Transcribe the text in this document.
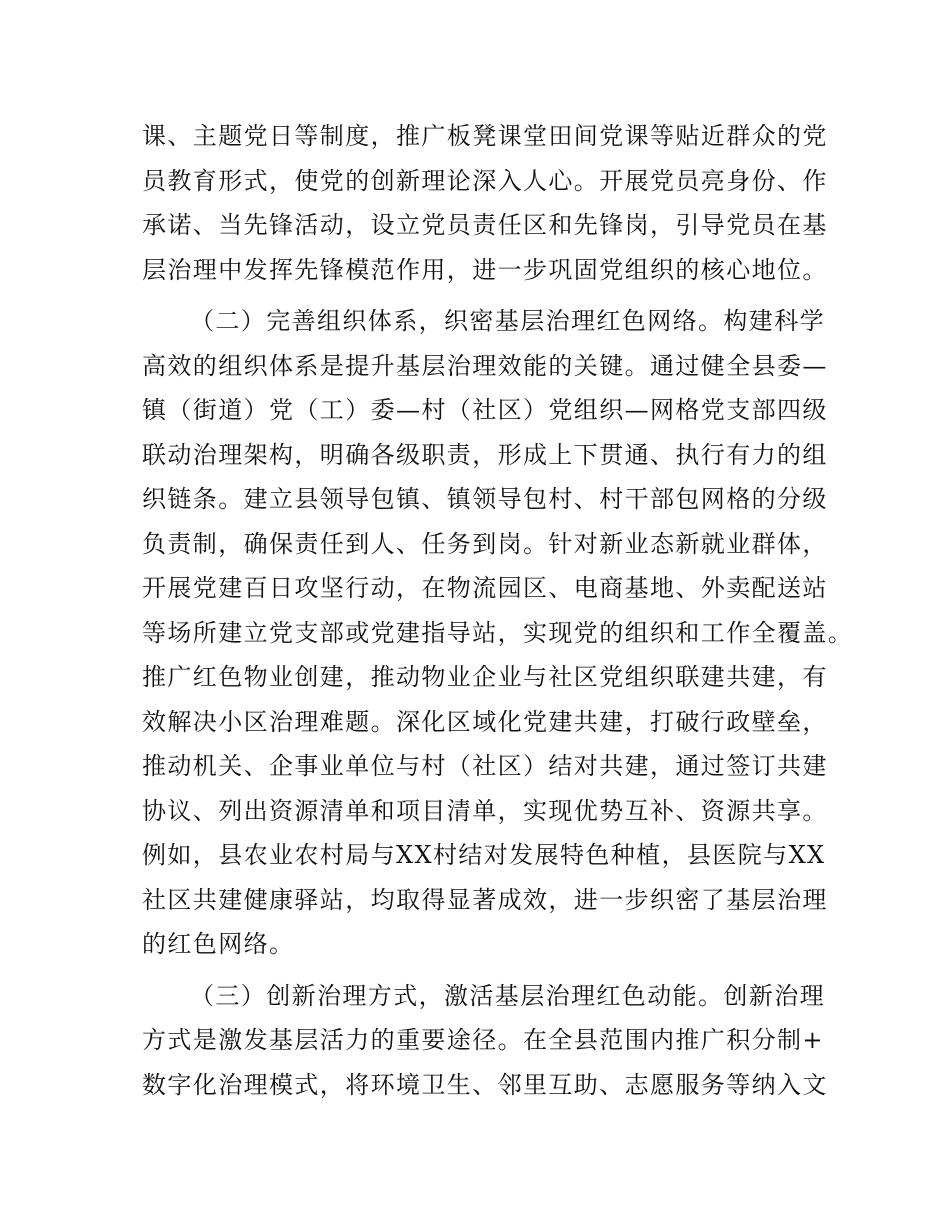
课、主题党日等制度，推广板凳课堂田间党课等贴近群众的党
员教育形式，使党的创新理论深入人心。开展党员亮身份、作
承诺、当先锋活动，设立党员责任区和先锋岗，引导党员在基
层治理中发挥先锋模范作用，进一步巩固党组织的核心地位。
（二）完善组织体系，织密基层治理红色网络。构建科学
高效的组织体系是提升基层治理效能的关键。通过健全县委—
镇（街道）党（工）委—村（社区）党组织—网格党支部四级
联动治理架构，明确各级职责，形成上下贯通、执行有力的组
织链条。建立县领导包镇、镇领导包村、村干部包网格的分级
负责制，确保责任到人、任务到岗。针对新业态新就业群体，
开展党建百日攻坚行动，在物流园区、电商基地、外卖配送站
等场所建立党支部或党建指导站，实现党的组织和工作全覆盖。
推广红色物业创建，推动物业企业与社区党组织联建共建，有
效解决小区治理难题。深化区域化党建共建，打破行政壁垒，
推动机关、企事业单位与村（社区）结对共建，通过签订共建
协议、列出资源清单和项目清单，实现优势互补、资源共享。
例如，县农业农村局与XX村结对发展特色种植，县医院与XX
社区共建健康驿站，均取得显著成效，进一步织密了基层治理
的红色网络。
（三）创新治理方式，激活基层治理红色动能。创新治理
方式是激发基层活力的重要途径。在全县范围内推广积分制+
数字化治理模式，将环境卫生、邻里互助、志愿服务等纳入文
